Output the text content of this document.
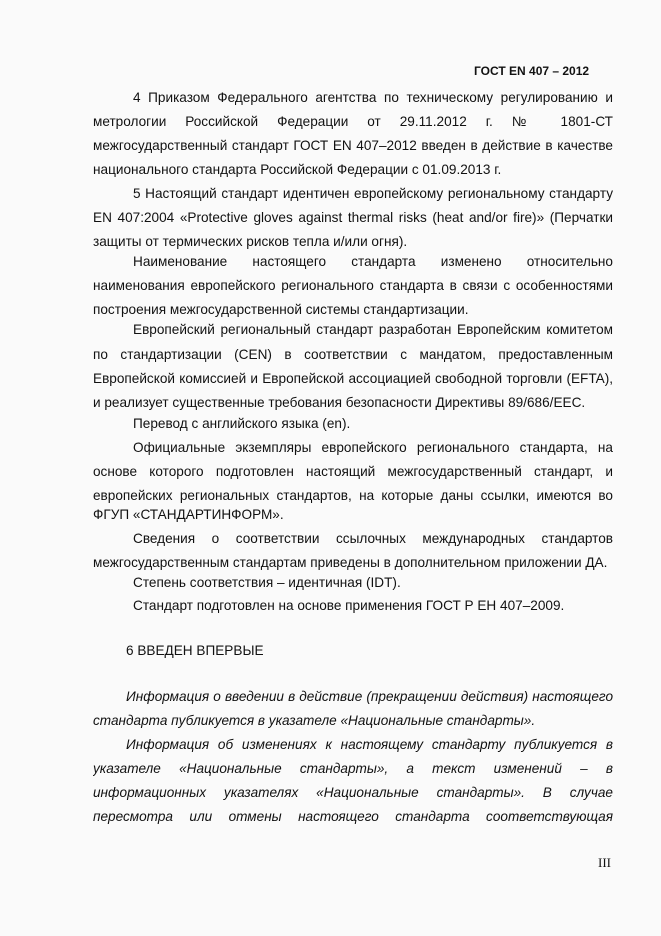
ГОСТ EN 407 – 2012
4 Приказом Федерального агентства по техническому регулированию и
метрологии Российской Федерации от 29.11.2012 г. № 1801-СТ
межгосударственный стандарт ГОСТ EN 407–2012 введен в действие в качестве
национального стандарта Российской Федерации с 01.09.2013 г.
5 Настоящий стандарт идентичен европейскому региональному стандарту
EN 407:2004 «Protective gloves against thermal risks (heat and/or fire)» (Перчатки
защиты от термических рисков тепла и/или огня).
Наименование настоящего стандарта изменено относительно
наименования европейского регионального стандарта в связи с особенностями
построения межгосударственной системы стандартизации.
Европейский региональный стандарт разработан Европейским комитетом
по стандартизации (CEN) в соответствии с мандатом, предоставленным
Европейской комиссией и Европейской ассоциацией свободной торговли (EFTA),
и реализует существенные требования безопасности Директивы 89/686/EEC.
Перевод с английского языка (en).
Официальные экземпляры европейского регионального стандарта, на
основе которого подготовлен настоящий межгосударственный стандарт, и
европейских региональных стандартов, на которые даны ссылки, имеются во
ФГУП «СТАНДАРТИНФОРМ».
Сведения о соответствии ссылочных международных стандартов
межгосударственным стандартам приведены в дополнительном приложении ДА.
Степень соответствия – идентичная (IDT).
Стандарт подготовлен на основе применения ГОСТ Р ЕН 407–2009.
6 ВВЕДЕН ВПЕРВЫЕ
Информация о введении в действие (прекращении действия) настоящего
стандарта публикуется в указателе «Национальные стандарты».
Информация об изменениях к настоящему стандарту публикуется в
указателе «Национальные стандарты», а текст изменений – в
информационных указателях «Национальные стандарты». В случае
пересмотра или отмены настоящего стандарта соответствующая
III
